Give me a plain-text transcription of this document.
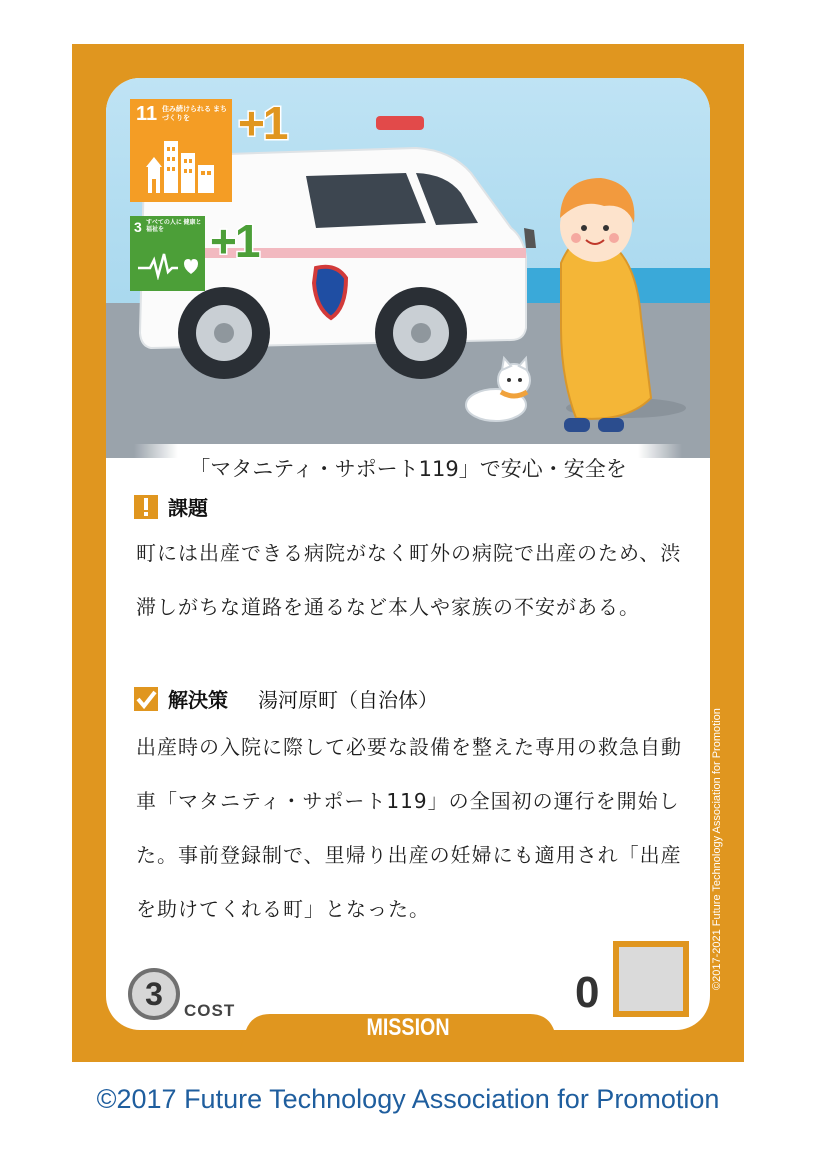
11 住み続けられる まちづくりを	+1
3 すべての人に 健康と福祉を +1
「マタニティ・サポート119」で安心・安全を
課題
町には出産できる病院がなく町外の病院で出産のため、渋滞しがちな道路を通るなど本人や家族の不安がある。
解決策 湯河原町（自治体）
出産時の入院に際して必要な設備を整えた専用の救急自動車「マタニティ・サポート119」の全国初の運行を開始した。事前登録制で、里帰り出産の妊婦にも適用され「出産を助けてくれる町」となった。
3 COST	0
MISSION
©2017-2021 Future Technology Association for Promotion
©2017 Future Technology Association for Promotion
